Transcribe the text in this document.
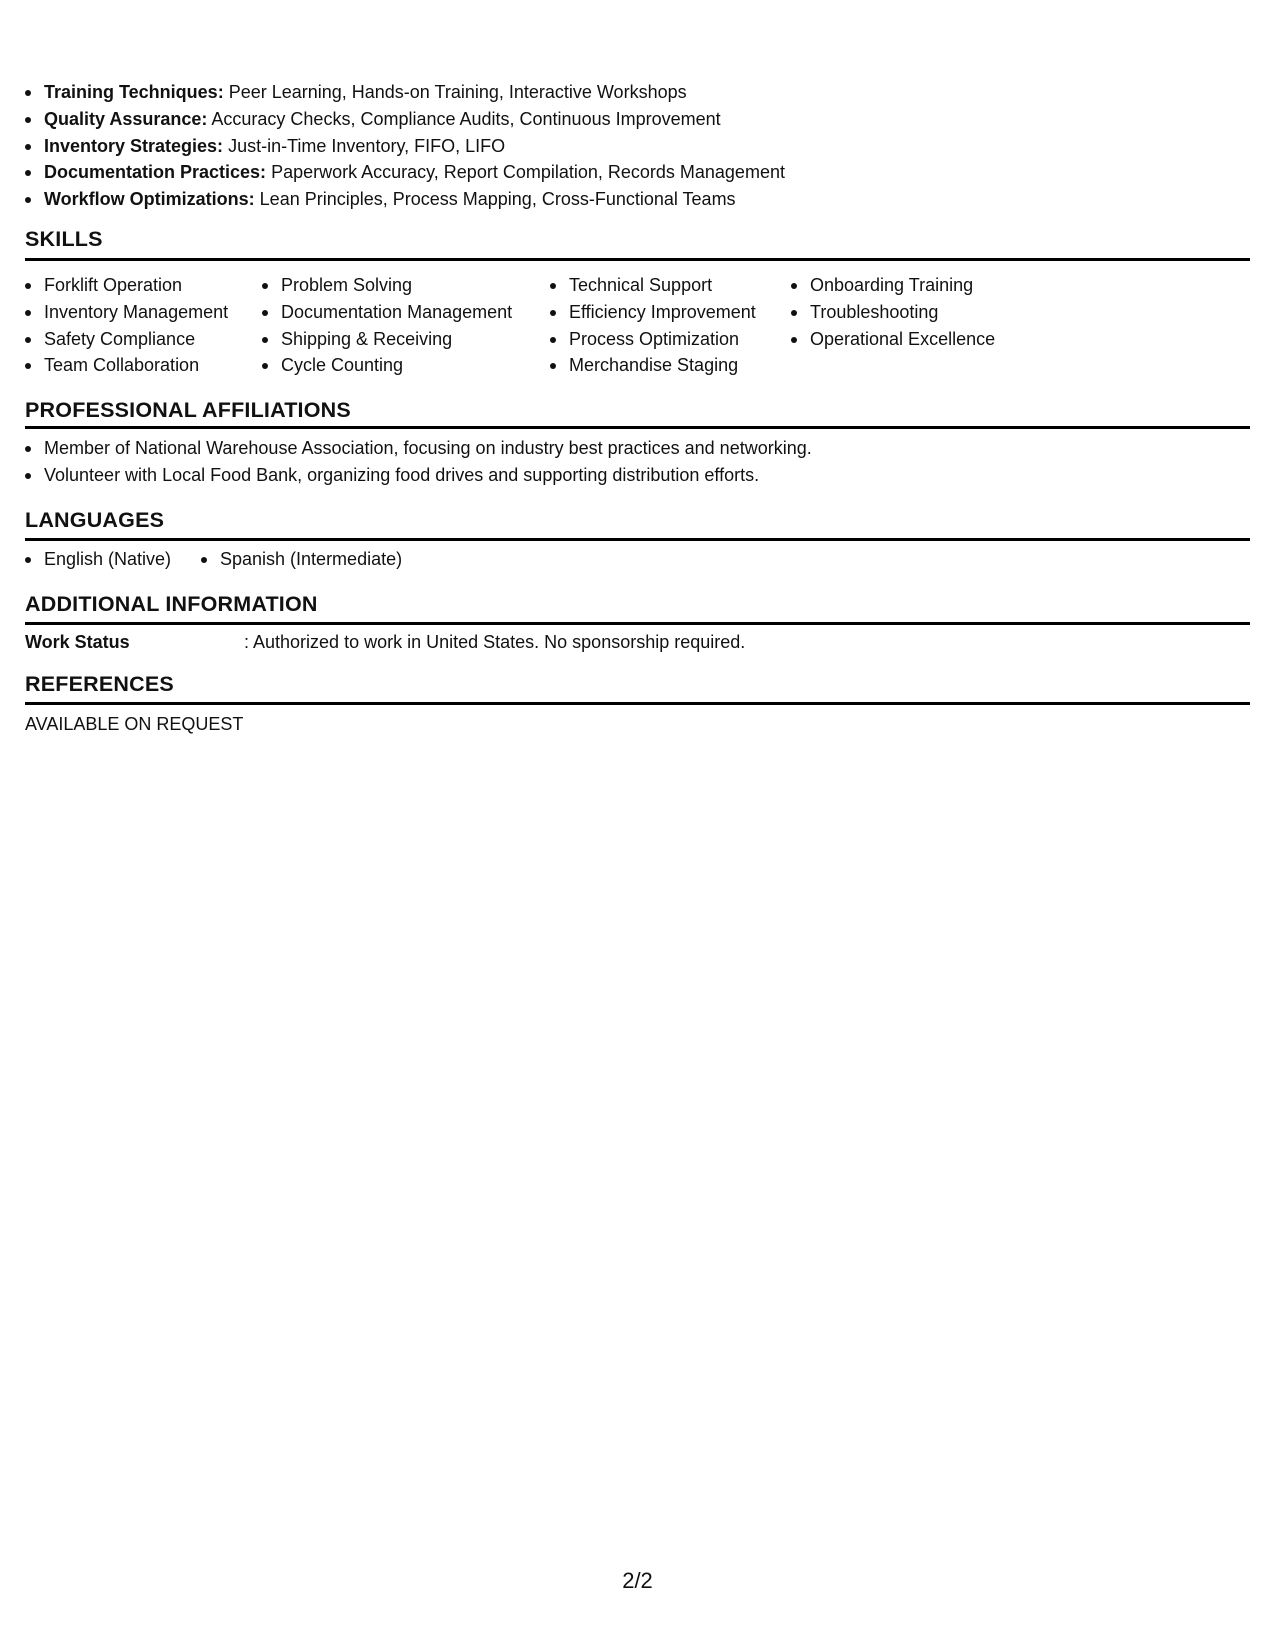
Training Techniques: Peer Learning, Hands-on Training, Interactive Workshops
Quality Assurance: Accuracy Checks, Compliance Audits, Continuous Improvement
Inventory Strategies: Just-in-Time Inventory, FIFO, LIFO
Documentation Practices: Paperwork Accuracy, Report Compilation, Records Management
Workflow Optimizations: Lean Principles, Process Mapping, Cross-Functional Teams
SKILLS
Forklift Operation
Inventory Management
Safety Compliance
Team Collaboration
Problem Solving
Documentation Management
Shipping & Receiving
Cycle Counting
Technical Support
Efficiency Improvement
Process Optimization
Merchandise Staging
Onboarding Training
Troubleshooting
Operational Excellence
PROFESSIONAL AFFILIATIONS
Member of National Warehouse Association, focusing on industry best practices and networking.
Volunteer with Local Food Bank, organizing food drives and supporting distribution efforts.
LANGUAGES
English (Native)	Spanish (Intermediate)
ADDITIONAL INFORMATION
Work Status	: Authorized to work in United States. No sponsorship required.
REFERENCES
AVAILABLE ON REQUEST
2/2
